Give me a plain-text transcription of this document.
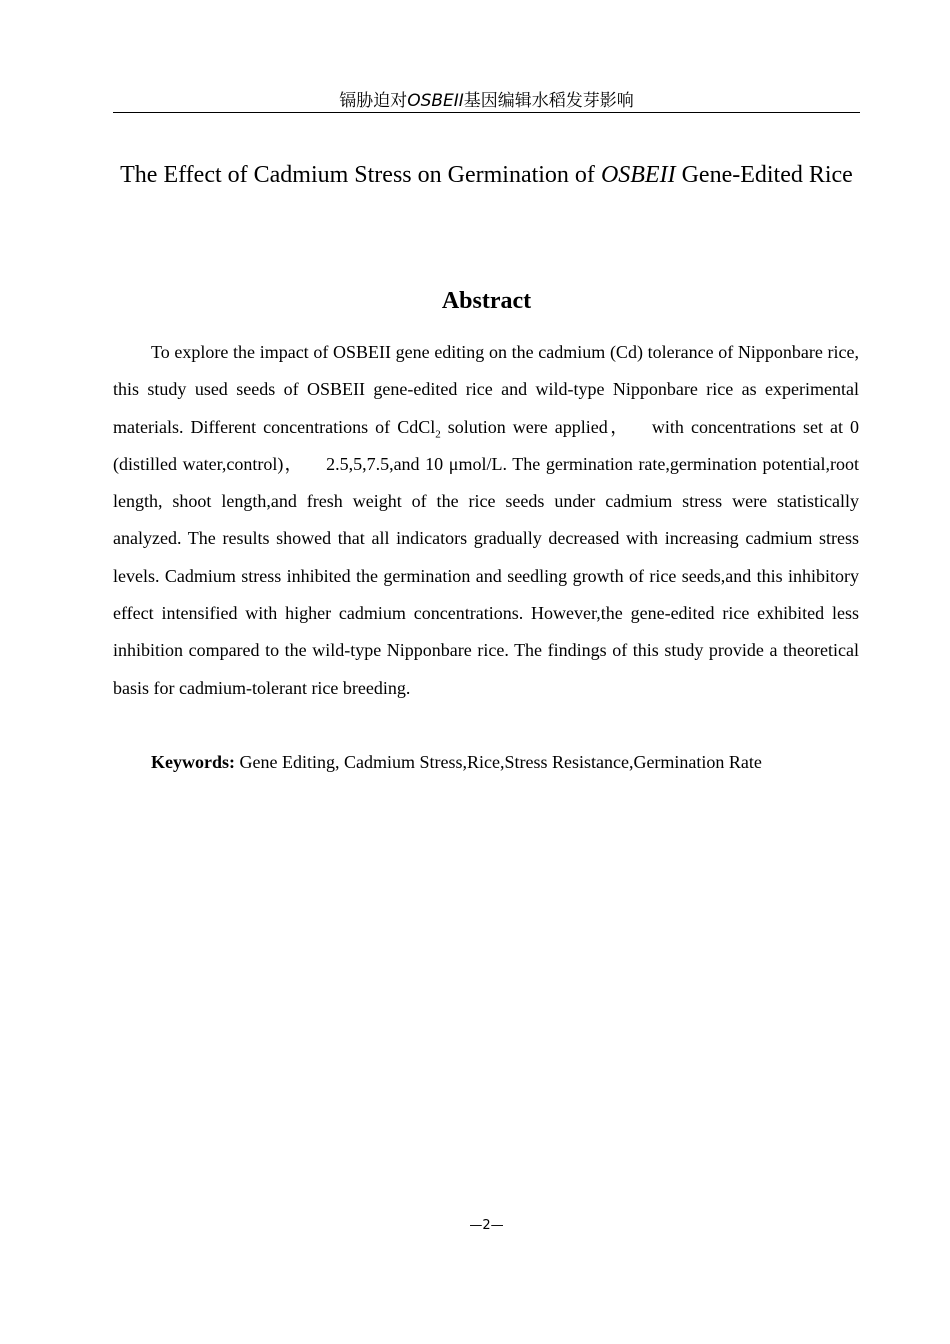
镉胁迫对OSBEII基因编辑水稻发芽影响
The Effect of Cadmium Stress on Germination of OSBEII Gene-Edited Rice
Abstract

To explore the impact of OSBEII gene editing on the cadmium (Cd) tolerance of Nipponbare rice, this study used seeds of OSBEII gene-edited rice and wild-type Nipponbare rice as experimental materials. Different concentrations of CdCl$_2$ solution were applied，   with concentrations set at 0 (distilled water,control)，    2.5,5,7.5,and 10 μmol/L. The germination rate,germination potential,root length, shoot length,and fresh weight of the rice seeds under cadmium stress were statistically analyzed. The results showed that all indicators gradually decreased with increasing cadmium stress levels. Cadmium stress inhibited the germination and seedling growth of rice seeds,and this inhibitory effect intensified with higher cadmium concentrations. However,the gene-edited rice exhibited less inhibition compared to the wild-type Nipponbare rice. The findings of this study provide a theoretical basis for cadmium-tolerant rice breeding.

Keywords: Gene Editing, Cadmium Stress,Rice,Stress Resistance,Germination Rate

—2—
